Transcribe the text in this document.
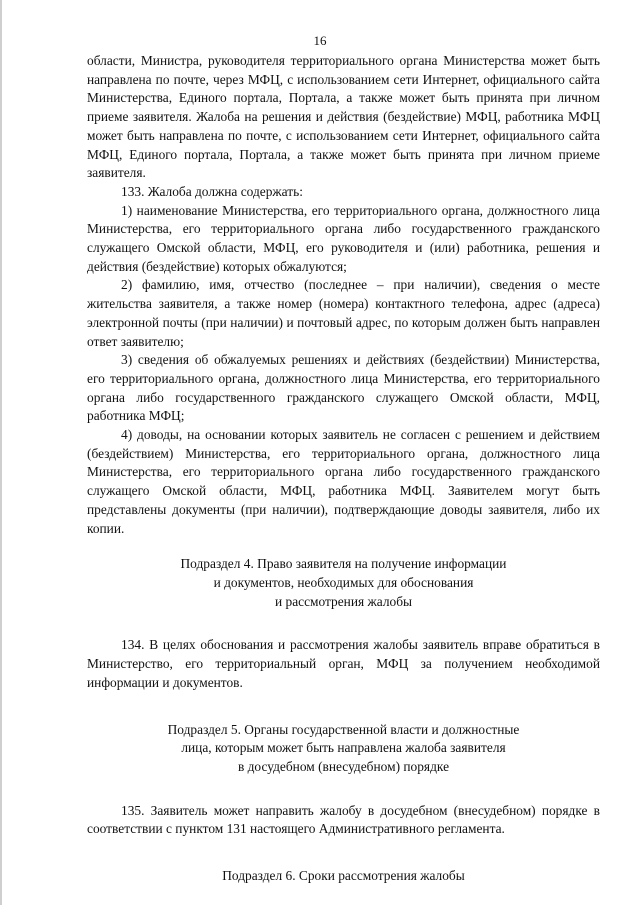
16

области, Министра, руководителя территориального органа Министерства может быть направлена по почте, через МФЦ, с использованием сети Интернет, официального сайта Министерства, Единого портала, Портала, а также может быть принята при личном приеме заявителя. Жалоба на решения и действия (бездействие) МФЦ, работника МФЦ может быть направлена по почте, с использованием сети Интернет, официального сайта МФЦ, Единого портала, Портала, а также может быть принята при личном приеме заявителя.

133. Жалоба должна содержать:

1) наименование Министерства, его территориального органа, должностного лица Министерства, его территориального органа либо государственного гражданского служащего Омской области, МФЦ, его руководителя и (или) работника, решения и действия (бездействие) которых обжалуются;

2) фамилию, имя, отчество (последнее – при наличии), сведения о месте жительства заявителя, а также номер (номера) контактного телефона, адрес (адреса) электронной почты (при наличии) и почтовый адрес, по которым должен быть направлен ответ заявителю;

3) сведения об обжалуемых решениях и действиях (бездействии) Министерства, его территориального органа, должностного лица Министерства, его территориального органа либо государственного гражданского служащего Омской области, МФЦ, работника МФЦ;

4) доводы, на основании которых заявитель не согласен с решением и действием (бездействием) Министерства, его территориального органа, должностного лица Министерства, его территориального органа либо государственного гражданского служащего Омской области, МФЦ, работника МФЦ. Заявителем могут быть представлены документы (при наличии), подтверждающие доводы заявителя, либо их копии.

Подраздел 4. Право заявителя на получение информации
и документов, необходимых для обоснования
и рассмотрения жалобы

134. В целях обоснования и рассмотрения жалобы заявитель вправе обратиться в Министерство, его территориальный орган, МФЦ за получением необходимой информации и документов.

Подраздел 5. Органы государственной власти и должностные
лица, которым может быть направлена жалоба заявителя
в досудебном (внесудебном) порядке

135. Заявитель может направить жалобу в досудебном (внесудебном) порядке в соответствии с пунктом 131 настоящего Административного регламента.

Подраздел 6. Сроки рассмотрения жалобы
